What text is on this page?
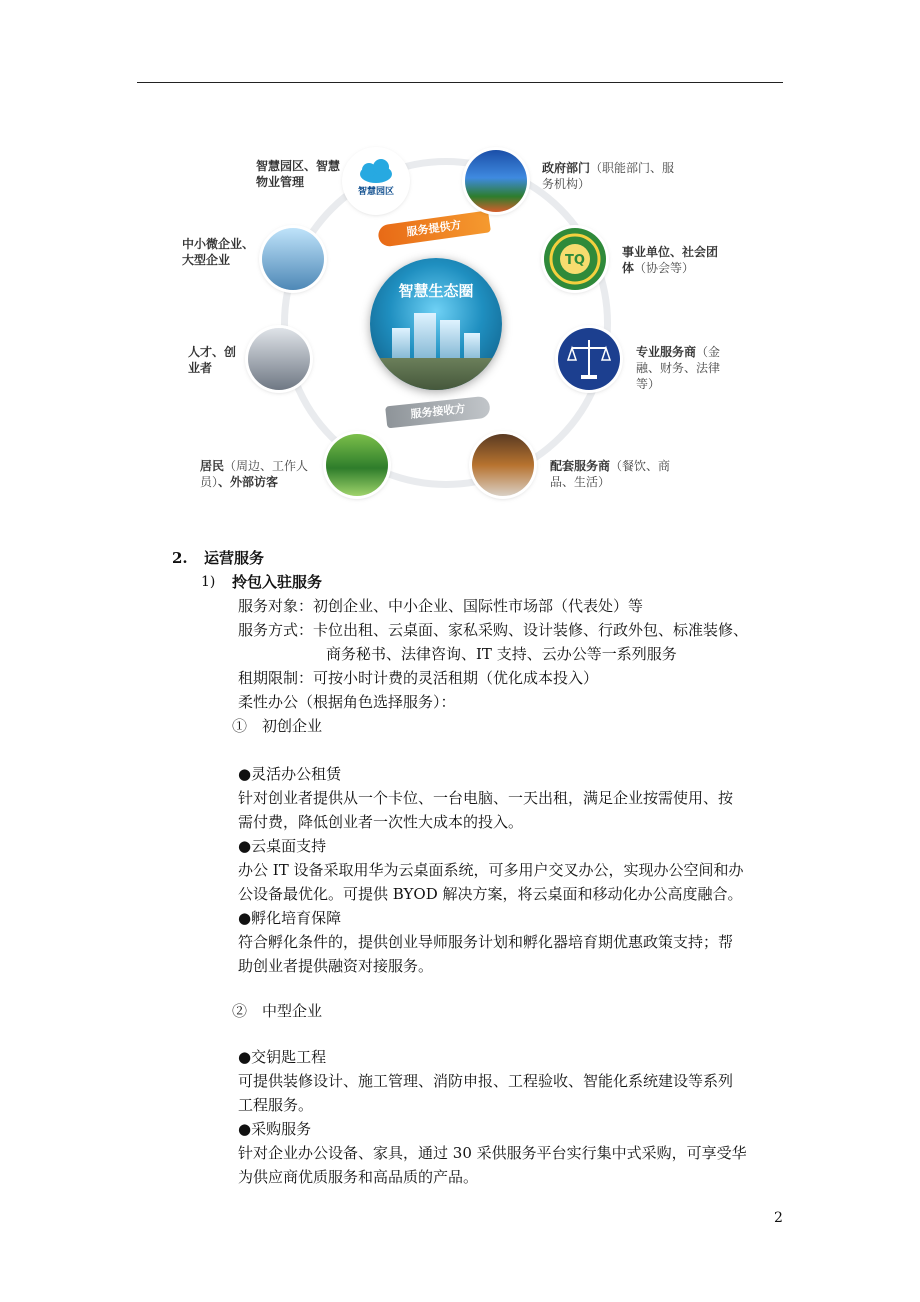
智慧生态圈
服务提供方
服务接收方
智慧园区
TQ
智慧园区、智慧物业管理
政府部门（职能部门、服务机构）
事业单位、社会团体（协会等）
专业服务商（金融、财务、法律等）
配套服务商（餐饮、商品、生活）
居民（周边、工作人员）、外部访客
人才、创业者
中小微企业、大型企业
2. 运营服务
1) 拎包入驻服务
服务对象：初创企业、中小企业、国际性市场部（代表处）等
服务方式：卡位出租、云桌面、家私采购、设计装修、行政外包、标准装修、
商务秘书、法律咨询、IT 支持、云办公等一系列服务
租期限制：可按小时计费的灵活租期（优化成本投入）
柔性办公（根据角色选择服务）：
①　初创企业
●灵活办公租赁
针对创业者提供从一个卡位、一台电脑、一天出租，满足企业按需使用、按
需付费，降低创业者一次性大成本的投入。
●云桌面支持
办公 IT 设备采取用华为云桌面系统，可多用户交叉办公，实现办公空间和办
公设备最优化。可提供 BYOD 解决方案，将云桌面和移动化办公高度融合。
●孵化培育保障
符合孵化条件的，提供创业导师服务计划和孵化器培育期优惠政策支持；帮
助创业者提供融资对接服务。
②　中型企业
●交钥匙工程
可提供装修设计、施工管理、消防申报、工程验收、智能化系统建设等系列
工程服务。
●采购服务
针对企业办公设备、家具，通过 30 采供服务平台实行集中式采购，可享受华
为供应商优质服务和高品质的产品。
2
